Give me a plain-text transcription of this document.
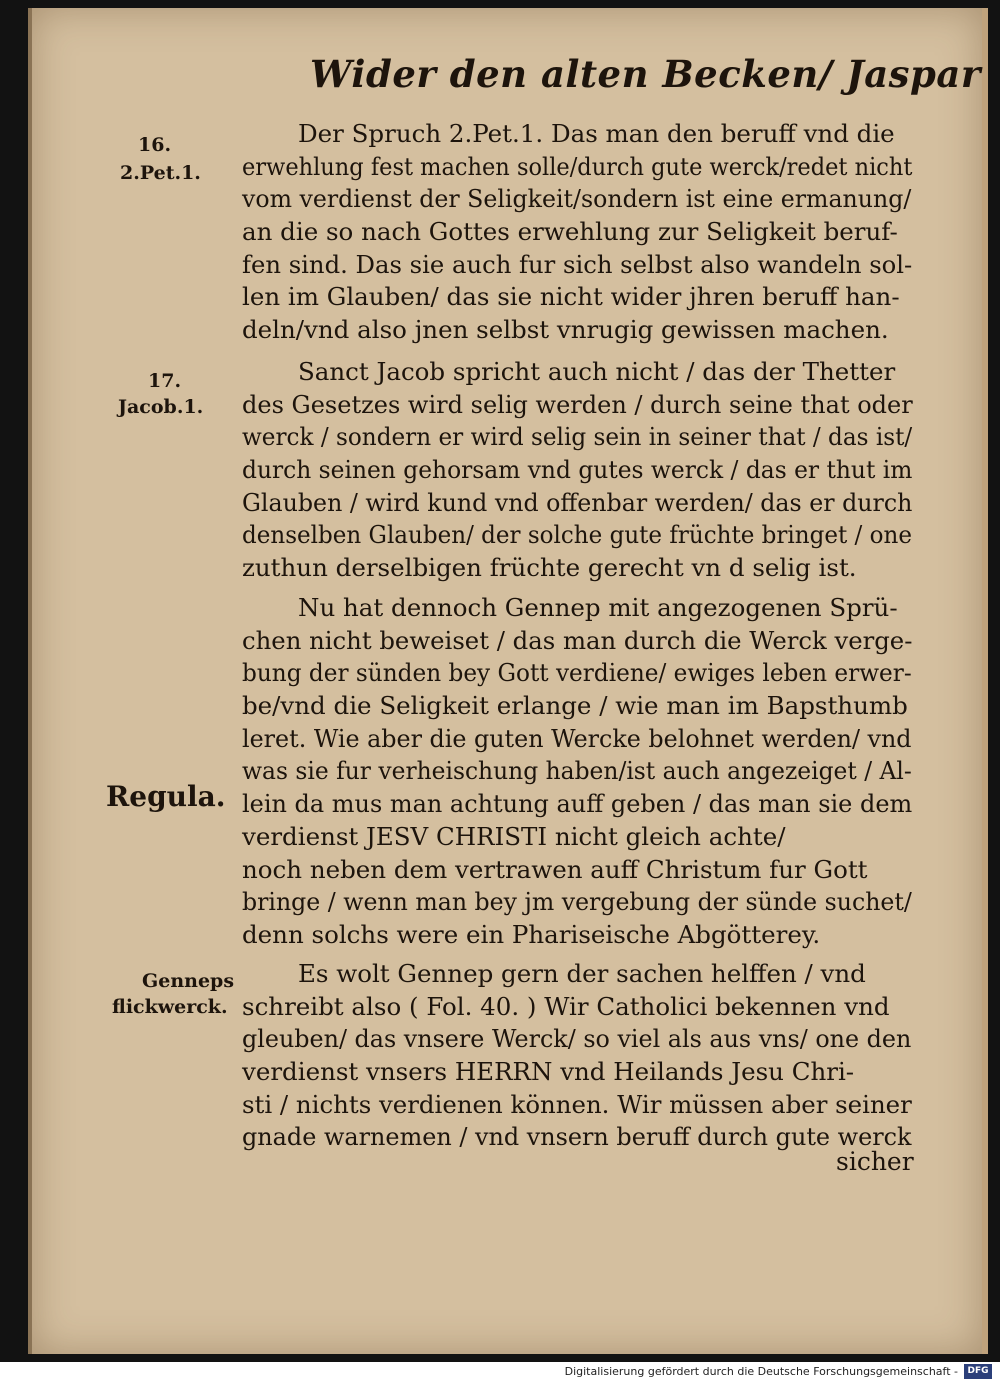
Wider den alten Becken/ Jaspar
16.
2.Pet.1.
17.
Jacob.1.
Regula.
Genneps
flickwerck.
Der Spruch 2.Pet.1. Das man den beruff vnd die
erwehlung fest machen solle/durch gute werck/redet nicht
vom verdienst der Seligkeit/sondern ist eine ermanung/
an die so nach Gottes erwehlung zur Seligkeit beruf-
fen sind. Das sie auch fur sich selbst also wandeln sol-
len im Glauben/ das sie nicht wider jhren beruff han-
deln/vnd also jnen selbst vnrugig gewissen machen.
Sanct Jacob spricht auch nicht / das der Thetter
des Gesetzes wird selig werden / durch seine that oder
werck / sondern er wird selig sein in seiner that / das ist/
durch seinen gehorsam vnd gutes werck / das er thut im
Glauben / wird kund vnd offenbar werden/ das er durch
denselben Glauben/ der solche gute früchte bringet / one
zuthun derselbigen früchte gerecht vn d selig ist.
Nu hat dennoch Gennep mit angezogenen Sprü-
chen nicht beweiset / das man durch die Werck verge-
bung der sünden bey Gott verdiene/ ewiges leben erwer-
be/vnd die Seligkeit erlange / wie man im Bapsthumb
leret. Wie aber die guten Wercke belohnet werden/ vnd
was sie fur verheischung haben/ist auch angezeiget / Al-
lein da mus man achtung auff geben / das man sie dem
verdienst JESV CHRISTI nicht gleich achte/
noch neben dem vertrawen auff Christum fur Gott
bringe / wenn man bey jm vergebung der sünde suchet/
denn solchs were ein Phariseische Abgötterey.
Es wolt Gennep gern der sachen helffen / vnd
schreibt also ( Fol. 40. ) Wir Catholici bekennen vnd
gleuben/ das vnsere Werck/ so viel als aus vns/ one den
verdienst vnsers HERRN vnd Heilands Jesu Chri-
sti / nichts verdienen können. Wir müssen aber seiner
gnade warnemen / vnd vnsern beruff durch gute werck
sicher
Digitalisierung gefördert durch die Deutsche Forschungsgemeinschaft -	DFG
